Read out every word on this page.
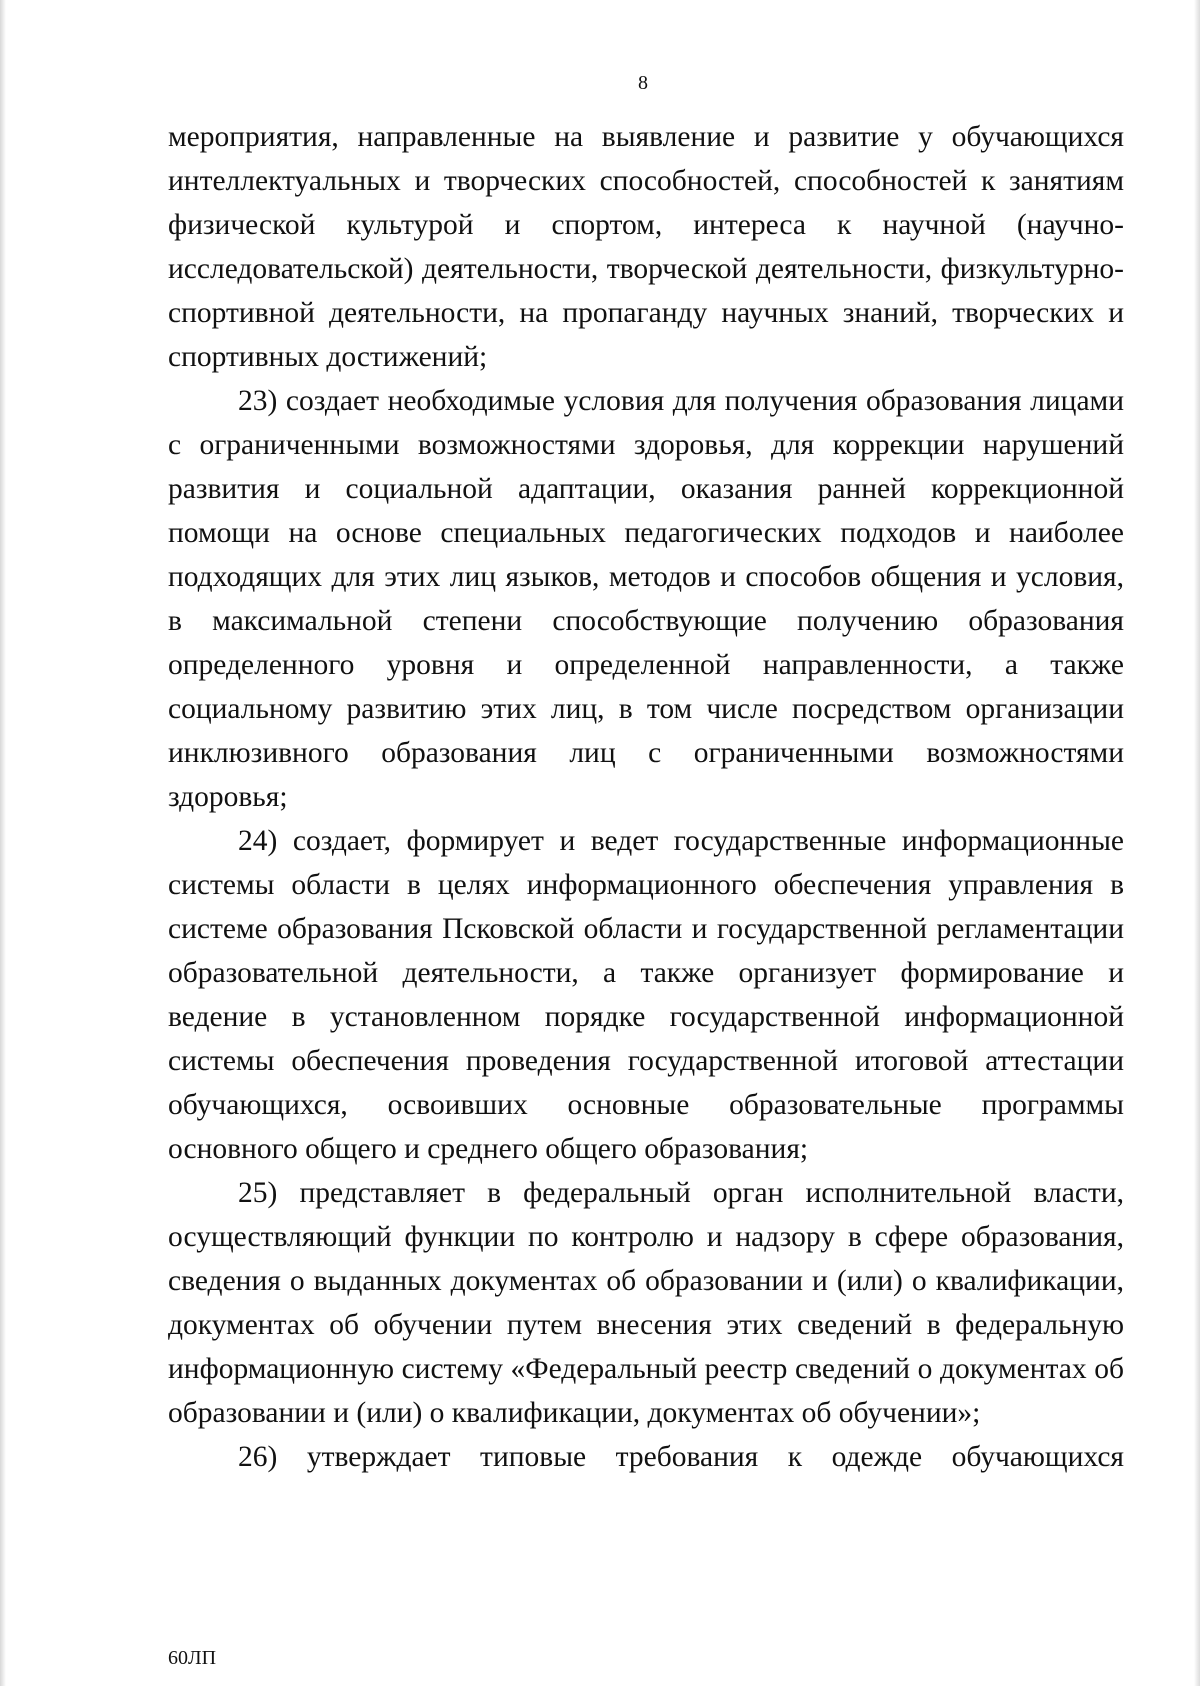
8

мероприятия, направленные на выявление и развитие у обучающихся интеллектуальных и творческих способностей, способностей к занятиям физической культурой и спортом, интереса к научной (научно-исследовательской) деятельности, творческой деятельности, физкультурно-спортивной деятельности, на пропаганду научных знаний, творческих и спортивных достижений;

23) создает необходимые условия для получения образования лицами с ограниченными возможностями здоровья, для коррекции нарушений развития и социальной адаптации, оказания ранней коррекционной помощи на основе специальных педагогических подходов и наиболее подходящих для этих лиц языков, методов и способов общения и условия, в максимальной степени способствующие получению образования определенного уровня и определенной направленности, а также социальному развитию этих лиц, в том числе посредством организации инклюзивного образования лиц с ограниченными возможностями здоровья;

24) создает, формирует и ведет государственные информационные системы области в целях информационного обеспечения управления в системе образования Псковской области и государственной регламентации образовательной деятельности, а также организует формирование и ведение в установленном порядке государственной информационной системы обеспечения проведения государственной итоговой аттестации обучающихся, освоивших основные образовательные программы основного общего и среднего общего образования;

25) представляет в федеральный орган исполнительной власти, осуществляющий функции по контролю и надзору в сфере образования, сведения о выданных документах об образовании и (или) о квалификации, документах об обучении путем внесения этих сведений в федеральную информационную систему «Федеральный реестр сведений о документах об образовании и (или) о квалификации, документах об обучении»;

26) утверждает типовые требования к одежде обучающихся

60ЛП
